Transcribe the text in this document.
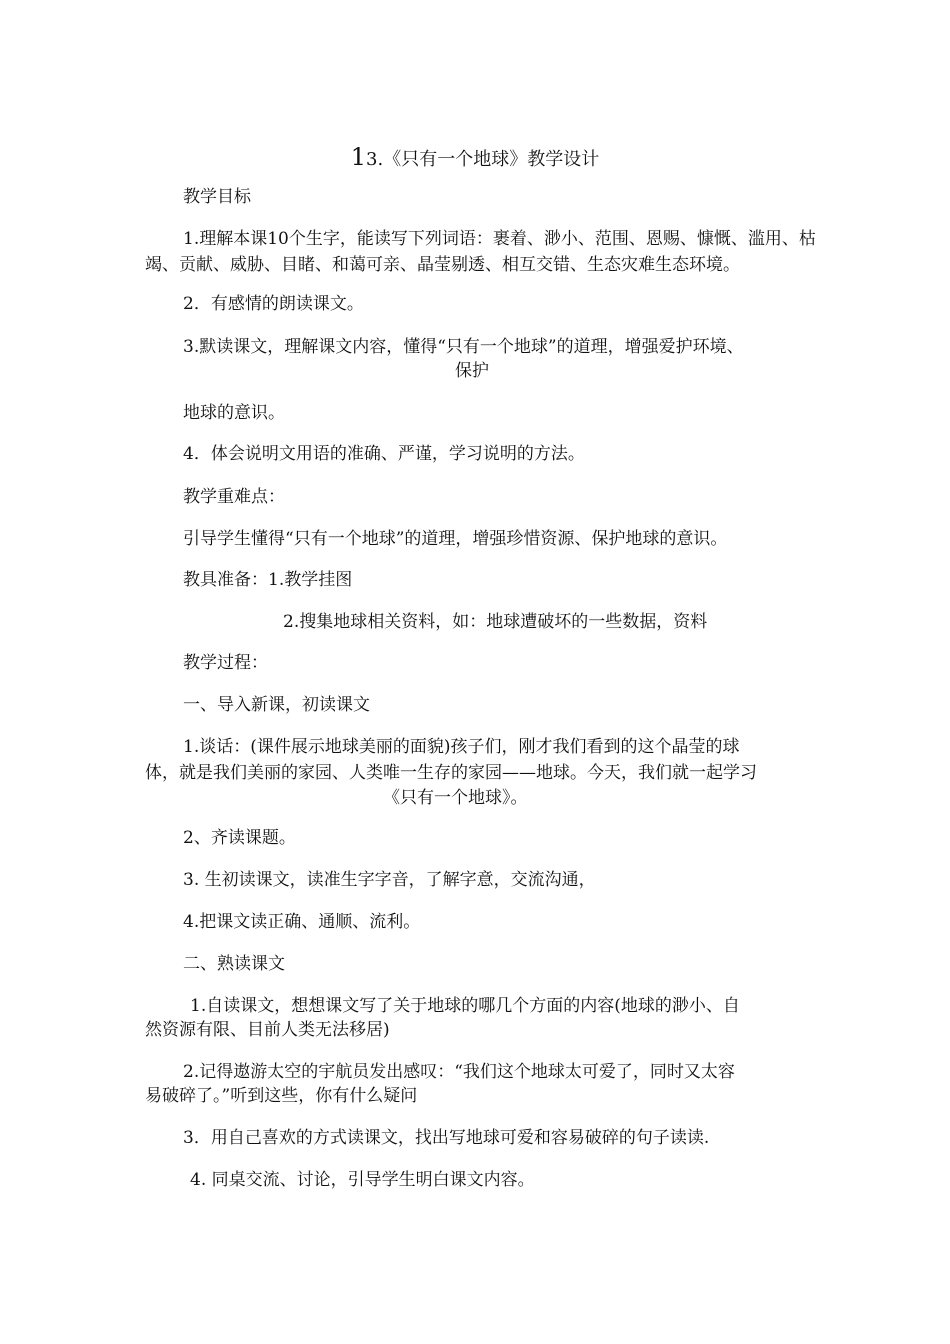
13.《只有一个地球》教学设计
教学目标
1.理解本课10个生字，能读写下列词语：裹着、渺小、范围、恩赐、慷慨、滥用、枯竭、贡献、威胁、目睹、和蔼可亲、晶莹剔透、相互交错、生态灾难生态环境。
2．有感情的朗读课文。
3.默读课文，理解课文内容，懂得“只有一个地球”的道理，增强爱护环境、
保护
地球的意识。
4．体会说明文用语的准确、严谨，学习说明的方法。
教学重难点：
引导学生懂得“只有一个地球”的道理，增强珍惜资源、保护地球的意识。
教具准备：1.教学挂图
2.搜集地球相关资料，如：地球遭破坏的一些数据，资料
教学过程：
一、导入新课，初读课文
1.谈话：(课件展示地球美丽的面貌)孩子们，刚才我们看到的这个晶莹的球
体，就是我们美丽的家园、人类唯一生存的家园——地球。今天，我们就一起学习
《只有一个地球》。
2、齐读课题。
3. 生初读课文，读准生字字音，了解字意，交流沟通，
4.把课文读正确、通顺、流利。
二、熟读课文
1.自读课文，想想课文写了关于地球的哪几个方面的内容(地球的渺小、自
然资源有限、目前人类无法移居)
2.记得遨游太空的宇航员发出感叹：“我们这个地球太可爱了，同时又太容
易破碎了。”听到这些，你有什么疑问
3．用自己喜欢的方式读课文，找出写地球可爱和容易破碎的句子读读.
4. 同桌交流、讨论，引导学生明白课文内容。
